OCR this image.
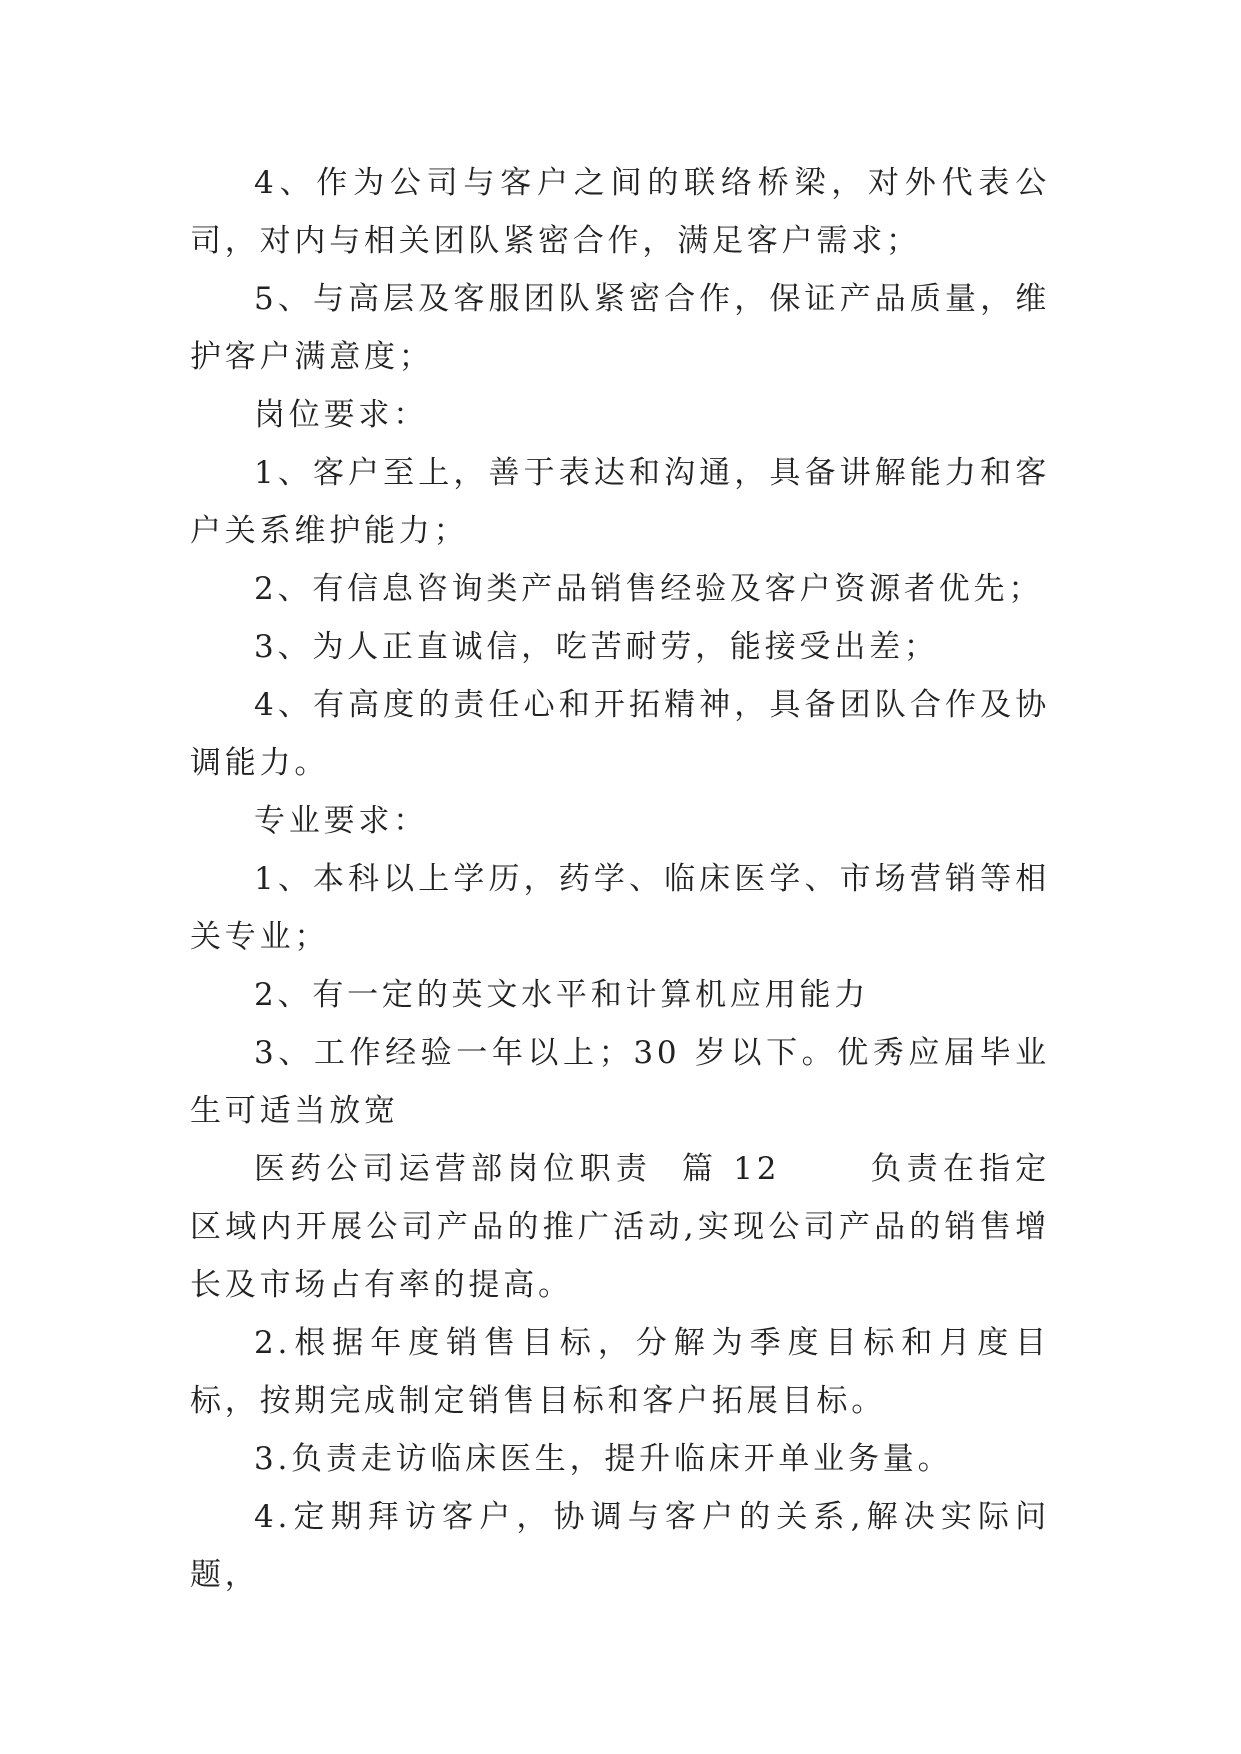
4、作为公司与客户之间的联络桥梁，对外代表公司，对内与相关团队紧密合作，满足客户需求；

5、与高层及客服团队紧密合作，保证产品质量，维护客户满意度；

岗位要求：

1、客户至上，善于表达和沟通，具备讲解能力和客户关系维护能力；

2、有信息咨询类产品销售经验及客户资源者优先；

3、为人正直诚信，吃苦耐劳，能接受出差；

4、有高度的责任心和开拓精神，具备团队合作及协调能力。

专业要求：

1、本科以上学历，药学、临床医学、市场营销等相关专业；

2、有一定的英文水平和计算机应用能力

3、工作经验一年以上；30 岁以下。优秀应届毕业生可适当放宽

医药公司运营部岗位职责  篇 12      负责在指定区域内开展公司产品的推广活动,实现公司产品的销售增长及市场占有率的提高。

2.根据年度销售目标，分解为季度目标和月度目标，按期完成制定销售目标和客户拓展目标。

3.负责走访临床医生，提升临床开单业务量。

4.定期拜访客户，协调与客户的关系,解决实际问题，
